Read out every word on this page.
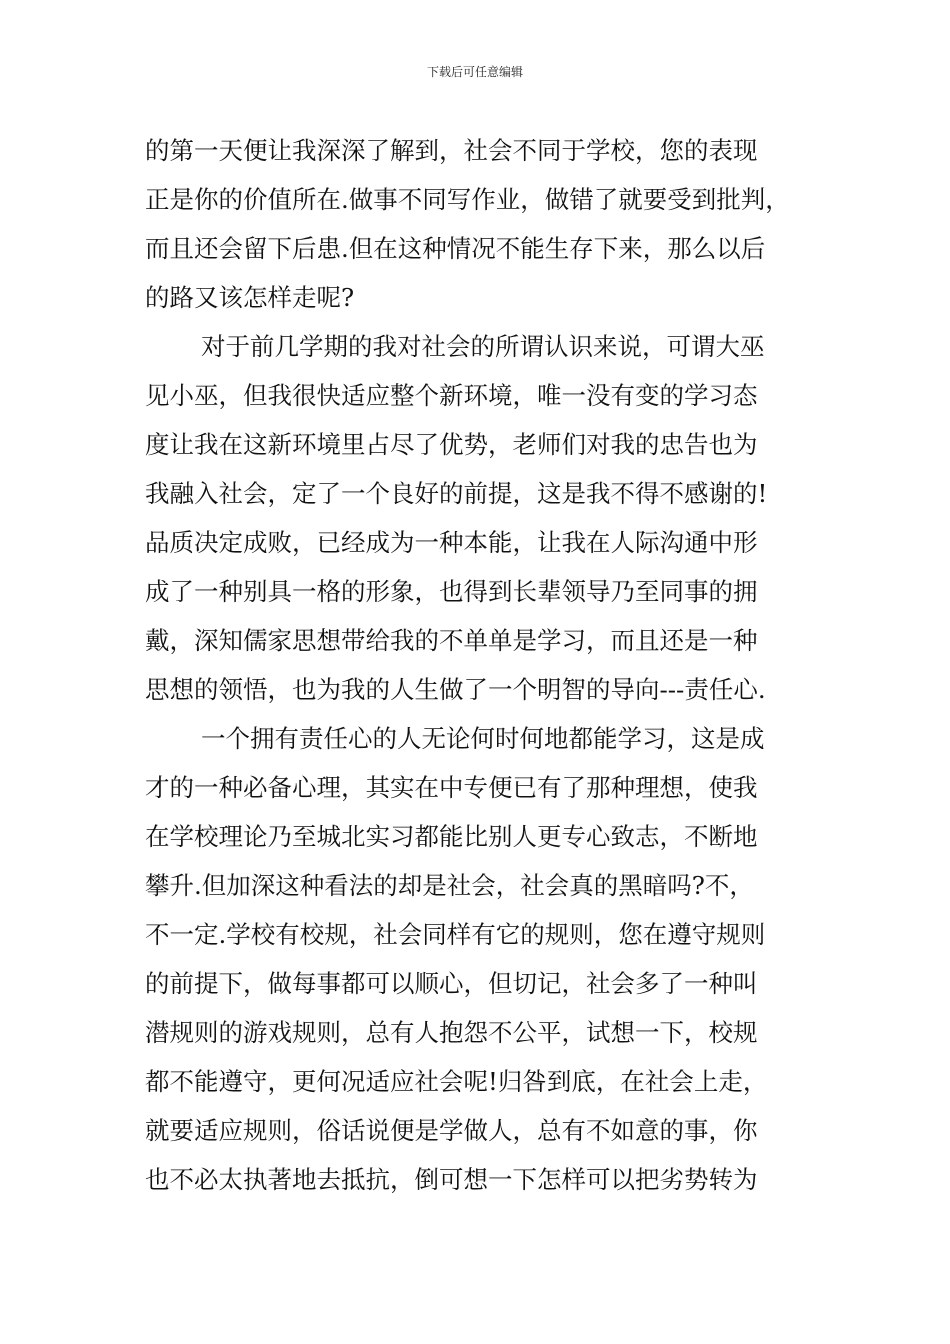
下载后可任意编辑
的第一天便让我深深了解到，社会不同于学校，您的表现
正是你的价值所在.做事不同写作业，做错了就要受到批判，
而且还会留下后患.但在这种情况不能生存下来，那么以后
的路又该怎样走呢?
对于前几学期的我对社会的所谓认识来说，可谓大巫
见小巫，但我很快适应整个新环境，唯一没有变的学习态
度让我在这新环境里占尽了优势，老师们对我的忠告也为
我融入社会，定了一个良好的前提，这是我不得不感谢的!
品质决定成败，已经成为一种本能，让我在人际沟通中形
成了一种别具一格的形象，也得到长辈领导乃至同事的拥
戴，深知儒家思想带给我的不单单是学习，而且还是一种
思想的领悟，也为我的人生做了一个明智的导向---责任心.
一个拥有责任心的人无论何时何地都能学习，这是成
才的一种必备心理，其实在中专便已有了那种理想，使我
在学校理论乃至城北实习都能比别人更专心致志，不断地
攀升.但加深这种看法的却是社会，社会真的黑暗吗?不，
不一定.学校有校规，社会同样有它的规则，您在遵守规则
的前提下，做每事都可以顺心，但切记，社会多了一种叫
潜规则的游戏规则，总有人抱怨不公平，试想一下，校规
都不能遵守，更何况适应社会呢!归咎到底，在社会上走，
就要适应规则，俗话说便是学做人，总有不如意的事，你
也不必太执著地去抵抗，倒可想一下怎样可以把劣势转为
